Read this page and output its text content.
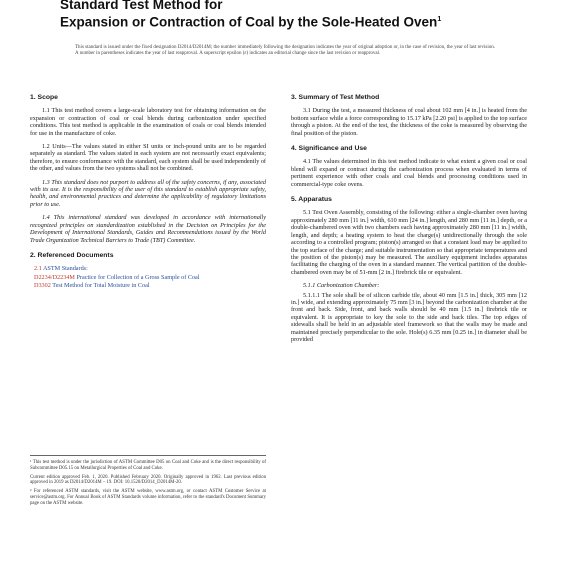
Standard Test Method for
Expansion or Contraction of Coal by the Sole-Heated Oven$^1$
This standard is issued under the fixed designation D2014/D2014M; the number immediately following the designation indicates the year of original adoption or, in the case of revision, the year of last revision. A number in parentheses indicates the year of last reapproval. A superscript epsilon (ε) indicates an editorial change since the last revision or reapproval.
1. Scope
1.1 This test method covers a large-scale laboratory test for obtaining information on the expansion or contraction of coal or coal blends during carbonization under specified conditions. This test method is applicable in the examination of coals or coal blends intended for use in the manufacture of coke.
1.2 Units—The values stated in either SI units or inch-pound units are to be regarded separately as standard. The values stated in each system are not necessarily exact equivalents; therefore, to ensure conformance with the standard, each system shall be used independently of the other, and values from the two systems shall not be combined.
1.3 This standard does not purport to address all of the safety concerns, if any, associated with its use. It is the responsibility of the user of this standard to establish appropriate safety, health, and environmental practices and determine the applicability of regulatory limitations prior to use.
1.4 This international standard was developed in accordance with internationally recognized principles on standardization established in the Decision on Principles for the Development of International Standards, Guides and Recommendations issued by the World Trade Organization Technical Barriers to Trade (TBT) Committee.
2. Referenced Documents
2.1 ASTM Standards:
D2234/D2234M Practice for Collection of a Gross Sample of Coal
D3302 Test Method for Total Moisture in Coal

¹ This test method is under the jurisdiction of ASTM Committee D05 on Coal and Coke and is the direct responsibility of Subcommittee D05.15 on Metallurgical Properties of Coal and Coke.

Current edition approved Feb. 1, 2020. Published February 2020. Originally approved in 1962. Last previous edition approved in 2019 as D2014/D2014M – 19. DOI: 10.1520/D2014_D2014M-20.

² For referenced ASTM standards, visit the ASTM website, www.astm.org, or contact ASTM Customer Service at service@astm.org. For Annual Book of ASTM Standards volume information, refer to the standard's Document Summary page on the ASTM website.

3. Summary of Test Method
3.1 During the test, a measured thickness of coal about 102 mm [4 in.] is heated from the bottom surface while a force corresponding to 15.17 kPa [2.20 psi] is applied to the top surface through a piston. At the end of the test, the thickness of the coke is measured by observing the final position of the piston.
4. Significance and Use
4.1 The values determined in this test method indicate to what extent a given coal or coal blend will expand or contract during the carbonization process when evaluated in terms of pertinent experience with other coals and coal blends and processing conditions used in commercial-type coke ovens.
5. Apparatus
5.1 Test Oven Assembly, consisting of the following: either a single-chamber oven having approximately 280 mm [11 in.] width, 610 mm [24 in.] length, and 280 mm [11 in.] depth, or a double-chambered oven with two chambers each having approximately 280 mm [11 in.] width, length, and depth; a heating system to heat the charge(s) unidirectionally through the sole according to a controlled program; piston(s) arranged so that a constant load may be applied to the top surface of the charge; and suitable instrumentation so that appropriate temperatures and the position of the piston(s) may be measured. The auxiliary equipment includes apparatus facilitating the charging of the oven in a standard manner. The vertical partition of the double-chambered oven may be of 51-mm [2 in.] firebrick tile or equivalent.
5.1.1 Carbonization Chamber:
5.1.1.1 The sole shall be of silicon carbide tile, about 40 mm [1.5 in.] thick, 305 mm [12 in.] wide, and extending approximately 75 mm [3 in.] beyond the carbonization chamber at the front and back. Side, front, and back walls should be 40 mm [1.5 in.] firebrick tile or equivalent. It is appropriate to key the sole to the side and back tiles. The top edges of sidewalls shall be held in an adjustable steel framework so that the walls may be made and maintained precisely perpendicular to the sole. Hole(s) 6.35 mm [0.25 in.] in diameter shall be provided
